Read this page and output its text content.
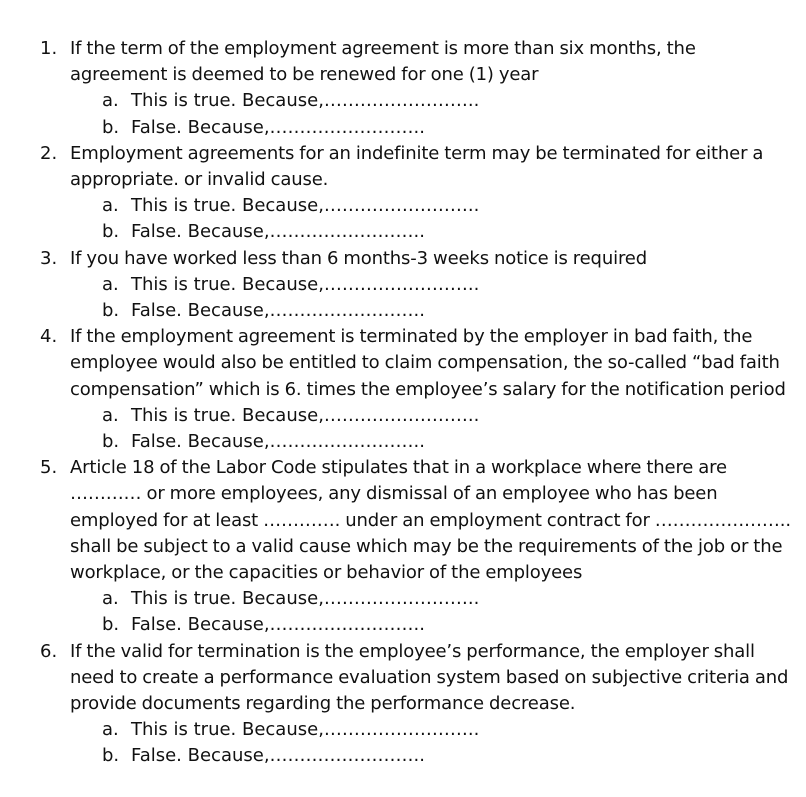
1. If the term of the employment agreement is more than six months, the agreement is deemed to be renewed for one (1) year
a. This is true. Because,……………………..
b. False. Because,……………………..
2. Employment agreements for an indefinite term may be terminated for either a appropriate. or invalid cause.
a. This is true. Because,……………………..
b. False. Because,……………………..
3. If you have worked less than 6 months-3 weeks notice is required
a. This is true. Because,……………………..
b. False. Because,……………………..
4. If the employment agreement is terminated by the employer in bad faith, the employee would also be entitled to claim compensation, the so-called “bad faith compensation” which is 6. times the employee’s salary for the notification period
a. This is true. Because,……………………..
b. False. Because,……………………..
5. Article 18 of the Labor Code stipulates that in a workplace where there are ………… or more employees, any dismissal of an employee who has been employed for at least …………. under an employment contract for ………………….. shall be subject to a valid cause which may be the requirements of the job or the workplace, or the capacities or behavior of the employees
a. This is true. Because,……………………..
b. False. Because,……………………..
6. If the valid for termination is the employee’s performance, the employer shall need to create a performance evaluation system based on subjective criteria and provide documents regarding the performance decrease.
a. This is true. Because,……………………..
b. False. Because,……………………..
